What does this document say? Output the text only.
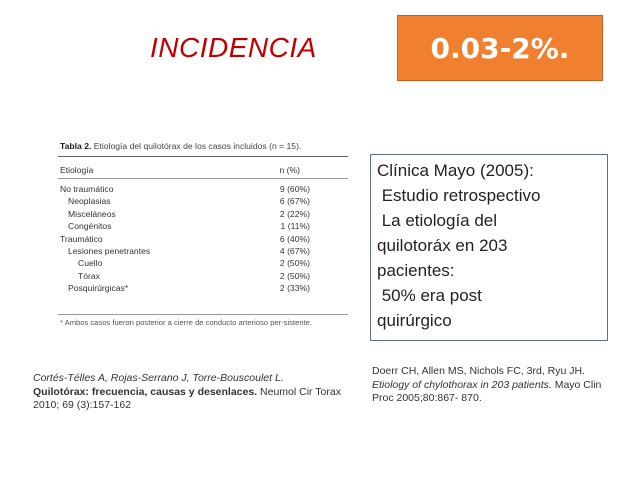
INCIDENCIA	0.03-2%.
Tabla 2. Etiología del quilotórax de los casos incluidos (n = 15).
Etiología	n (%)
No traumático	9 (60%)
Neoplasias	6 (67%)
Misceláneos	2 (22%)
Congénitos	1 (11%)
Traumático	6 (40%)
Lesiones penetrantes	4 (67%)
Cuello	2 (50%)
Tórax	2 (50%)
Posquirúrgicas*	2 (33%)
* Ambos casos fueron posterior a cierre de conducto arterioso per-sistente.
Clínica Mayo (2005):
Estudio retrospectivo
La etiología del
quilotoráx en 203
pacientes:
50% era post
quirúrgico
Cortés-Télles A, Rojas-Serrano J, Torre-Bouscoulet L.
Quilotórax: frecuencia, causas y desenlaces. Neumol Cir Torax 2010; 69 (3):157-162
Doerr CH, Allen MS, Nichols FC, 3rd, Ryu JH.
Etiology of chylothorax in 203 patients. Mayo Clin Proc 2005;80:867- 870.
